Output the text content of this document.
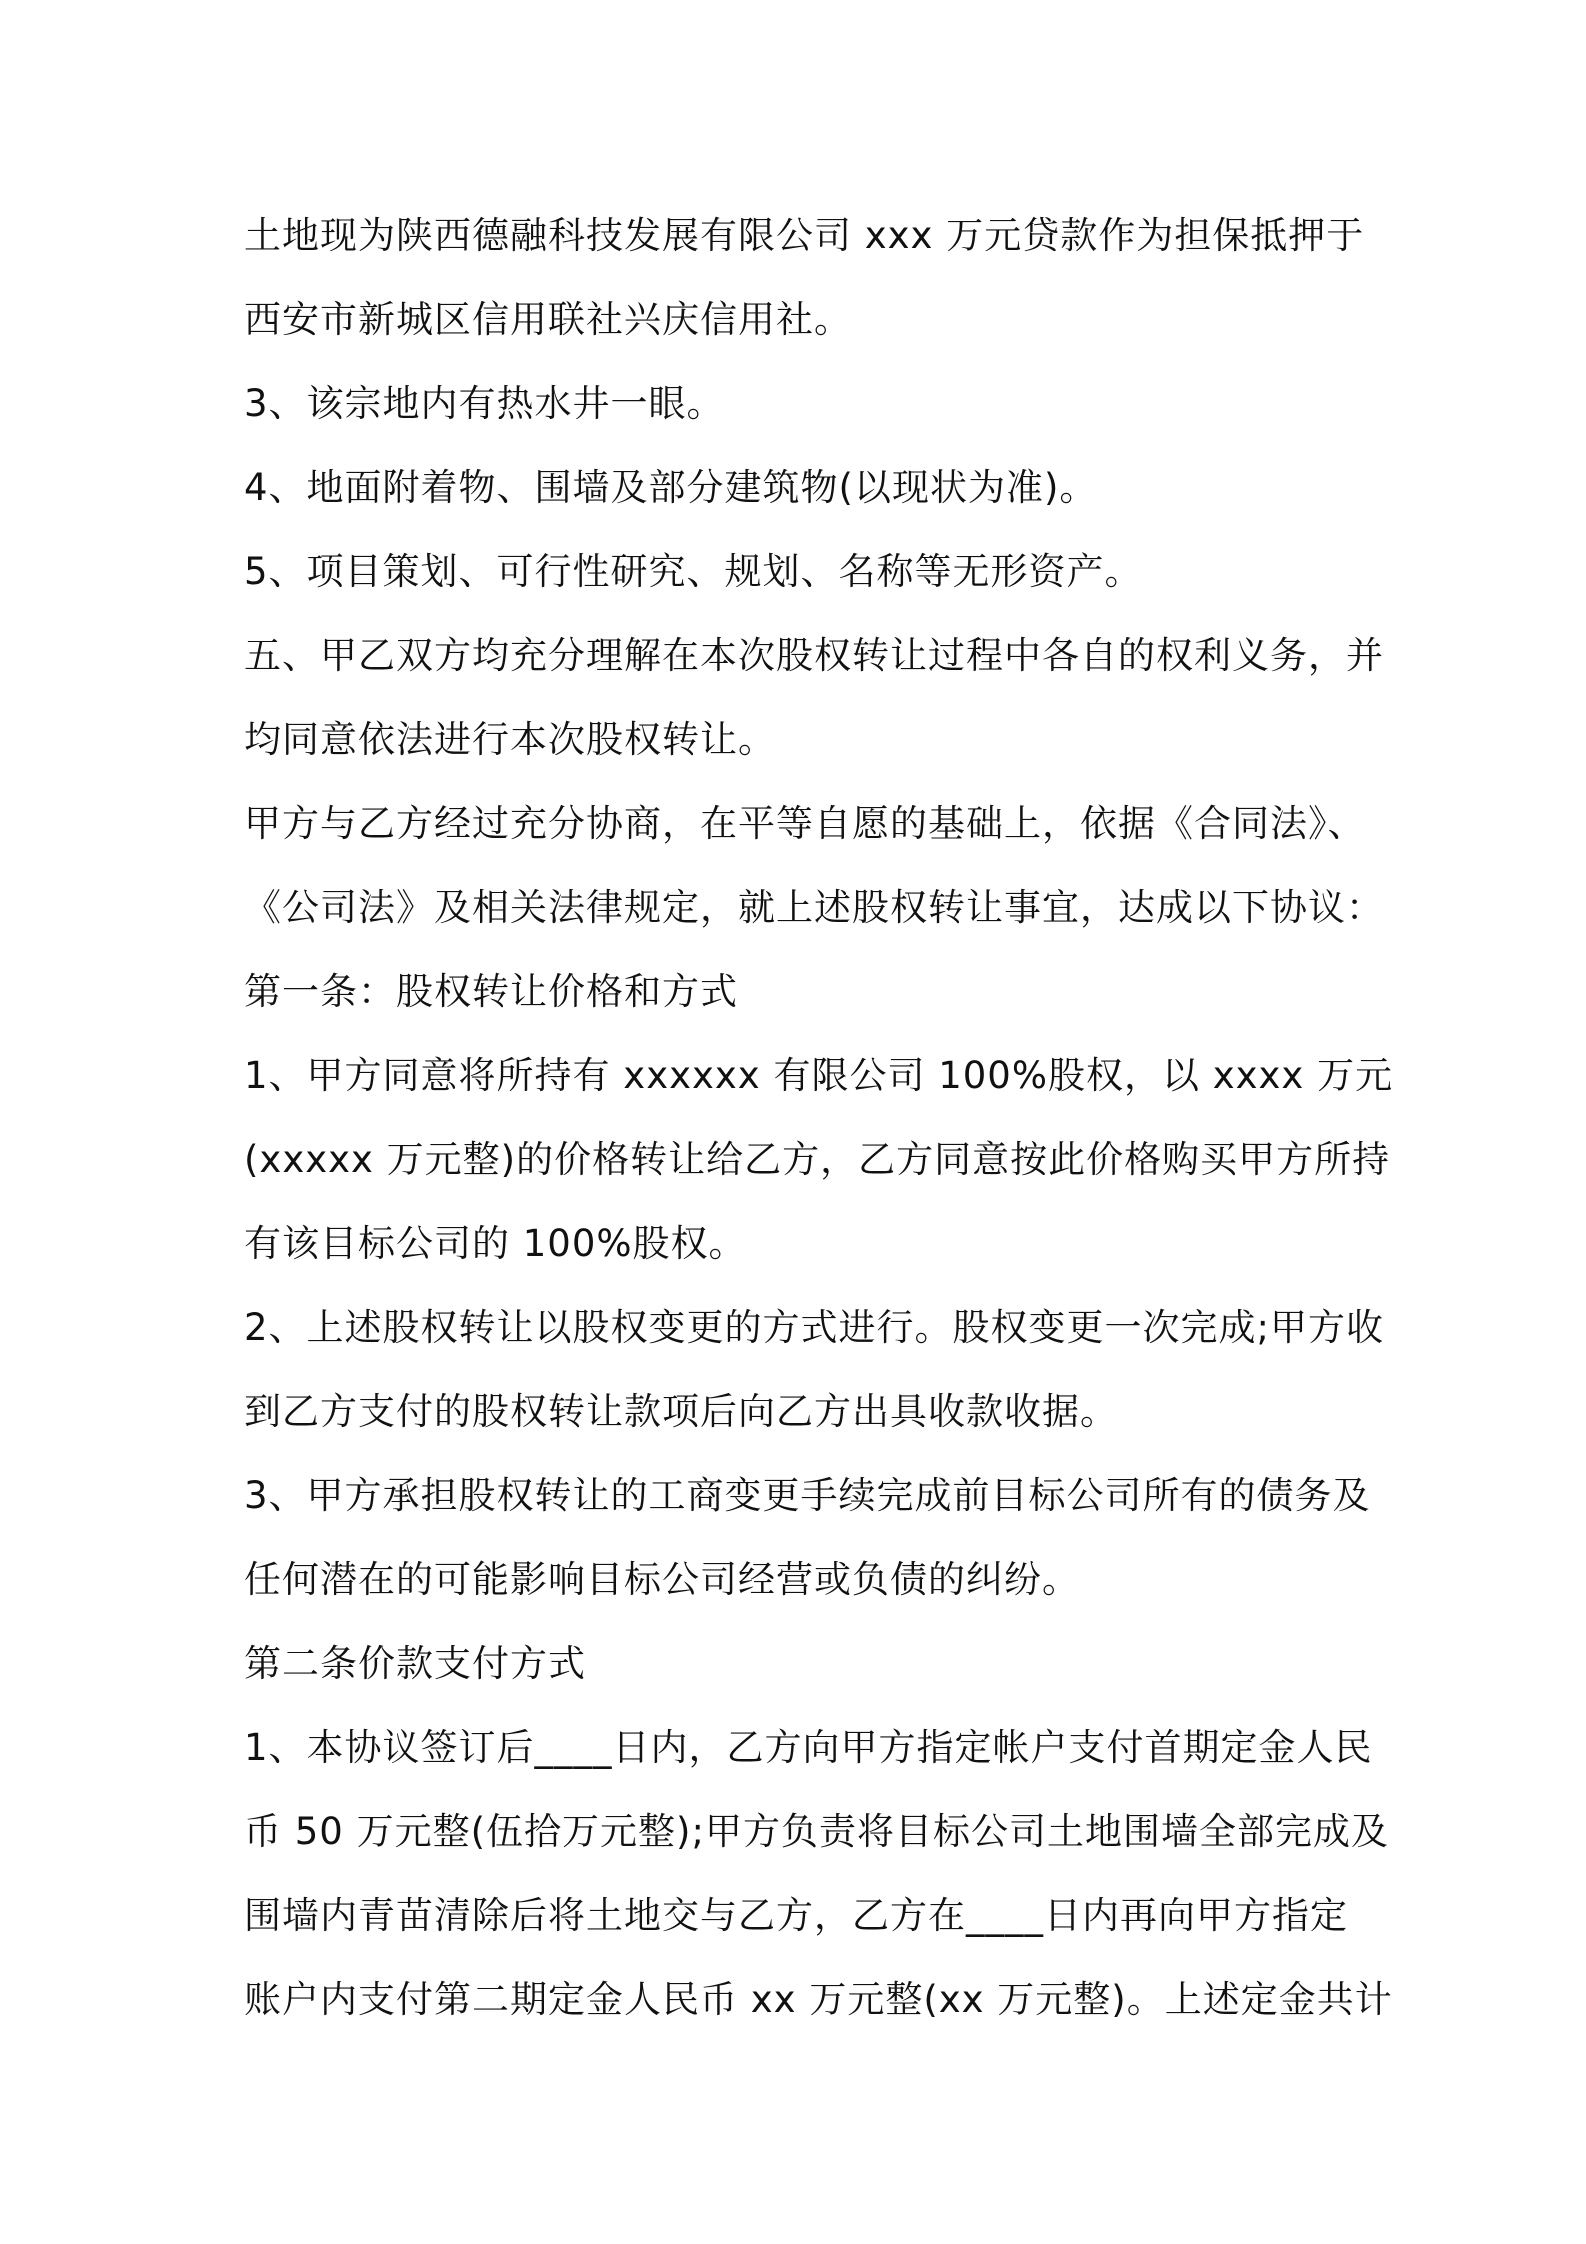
土地现为陕西德融科技发展有限公司 xxx 万元贷款作为担保抵押于
西安市新城区信用联社兴庆信用社。
3、该宗地内有热水井一眼。
4、地面附着物、围墙及部分建筑物(以现状为准)。
5、项目策划、可行性研究、规划、名称等无形资产。
五、甲乙双方均充分理解在本次股权转让过程中各自的权利义务，并
均同意依法进行本次股权转让。
甲方与乙方经过充分协商，在平等自愿的基础上，依据《合同法》、
《公司法》及相关法律规定，就上述股权转让事宜，达成以下协议：
第一条：股权转让价格和方式
1、甲方同意将所持有 xxxxxx 有限公司 100%股权，以 xxxx 万元
(xxxxx 万元整)的价格转让给乙方，乙方同意按此价格购买甲方所持
有该目标公司的 100%股权。
2、上述股权转让以股权变更的方式进行。股权变更一次完成;甲方收
到乙方支付的股权转让款项后向乙方出具收款收据。
3、甲方承担股权转让的工商变更手续完成前目标公司所有的债务及
任何潜在的可能影响目标公司经营或负债的纠纷。
第二条价款支付方式
1、本协议签订后____日内，乙方向甲方指定帐户支付首期定金人民
币 50 万元整(伍拾万元整);甲方负责将目标公司土地围墙全部完成及
围墙内青苗清除后将土地交与乙方，乙方在____日内再向甲方指定
账户内支付第二期定金人民币 xx 万元整(xx 万元整)。上述定金共计
